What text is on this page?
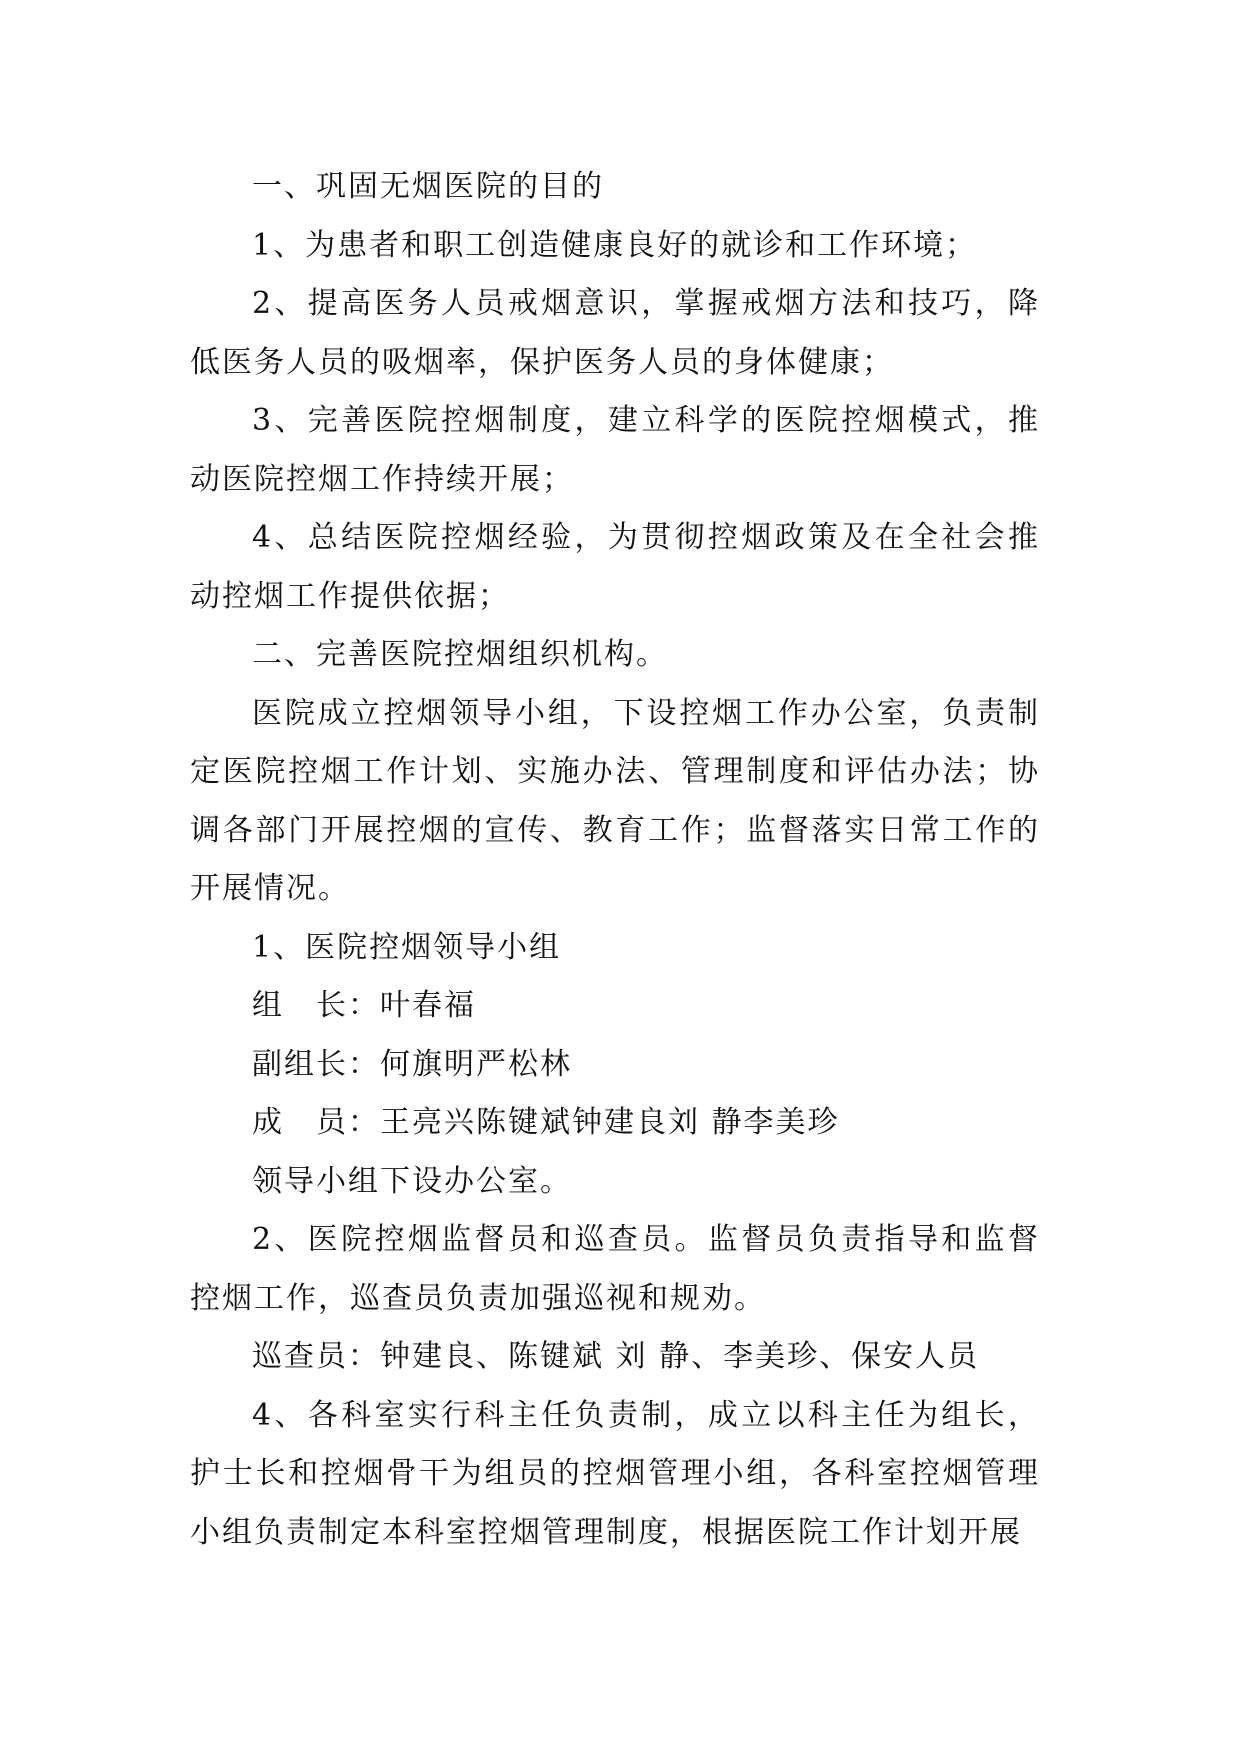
一、巩固无烟医院的目的

1、为患者和职工创造健康良好的就诊和工作环境；

2、提高医务人员戒烟意识，掌握戒烟方法和技巧，降低医务人员的吸烟率，保护医务人员的身体健康；

3、完善医院控烟制度，建立科学的医院控烟模式，推动医院控烟工作持续开展；

4、总结医院控烟经验，为贯彻控烟政策及在全社会推动控烟工作提供依据；

二、完善医院控烟组织机构。

医院成立控烟领导小组，下设控烟工作办公室，负责制定医院控烟工作计划、实施办法、管理制度和评估办法；协调各部门开展控烟的宣传、教育工作；监督落实日常工作的开展情况。

1、医院控烟领导小组

组　长：叶春福

副组长：何旗明严松林

成　员：王亮兴陈键斌钟建良刘 静李美珍

领导小组下设办公室。

2、医院控烟监督员和巡查员。监督员负责指导和监督控烟工作，巡查员负责加强巡视和规劝。

巡查员：钟建良、陈键斌 刘 静、李美珍、保安人员

4、各科室实行科主任负责制，成立以科主任为组长，护士长和控烟骨干为组员的控烟管理小组，各科室控烟管理小组负责制定本科室控烟管理制度，根据医院工作计划开展
